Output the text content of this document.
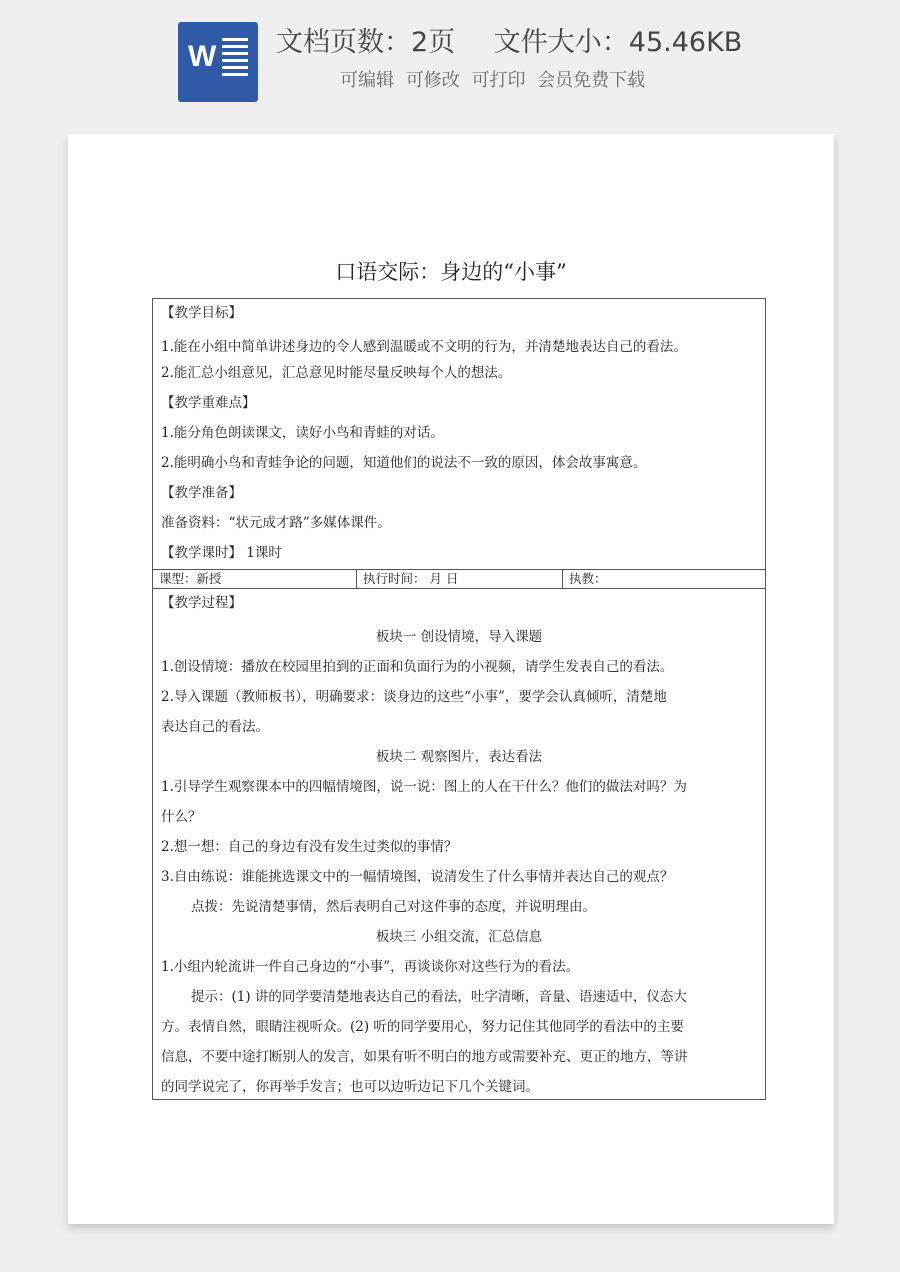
W 文档页数：2页 文件大小：45.46KB
可编辑 可修改 可打印 会员免费下载
口语交际：身边的“小事”
【教学目标】
1.能在小组中简单讲述身边的令人感到温暖或不文明的行为，并清楚地表达自己的看法。
2.能汇总小组意见，汇总意见时能尽量反映每个人的想法。
【教学重难点】
1.能分角色朗读课文，读好小鸟和青蛙的对话。
2.能明确小鸟和青蛙争论的问题，知道他们的说法不一致的原因，体会故事寓意。
【教学准备】
准备资料：“状元成才路”多媒体课件。
【教学课时】 1课时
课型：新授	执行时间： 月 日	执教：
【教学过程】
板块一 创设情境，导入课题
1.创设情境：播放在校园里拍到的正面和负面行为的小视频，请学生发表自己的看法。
2.导入课题（教师板书），明确要求：谈身边的这些“小事”，要学会认真倾听，清楚地
表达自己的看法。
板块二 观察图片，表达看法
1.引导学生观察课本中的四幅情境图，说一说：图上的人在干什么？他们的做法对吗？为
什么？
2.想一想：自己的身边有没有发生过类似的事情？
3.自由练说：谁能挑选课文中的一幅情境图，说清发生了什么事情并表达自己的观点？
点拨：先说清楚事情，然后表明自己对这件事的态度，并说明理由。
板块三 小组交流，汇总信息
1.小组内轮流讲一件自己身边的“小事”，再谈谈你对这些行为的看法。
提示：(1) 讲的同学要清楚地表达自己的看法，吐字清晰，音量、语速适中，仪态大
方。表情自然，眼睛注视听众。(2) 听的同学要用心，努力记住其他同学的看法中的主要
信息，不要中途打断别人的发言，如果有听不明白的地方或需要补充、更正的地方，等讲
的同学说完了，你再举手发言；也可以边听边记下几个关键词。
